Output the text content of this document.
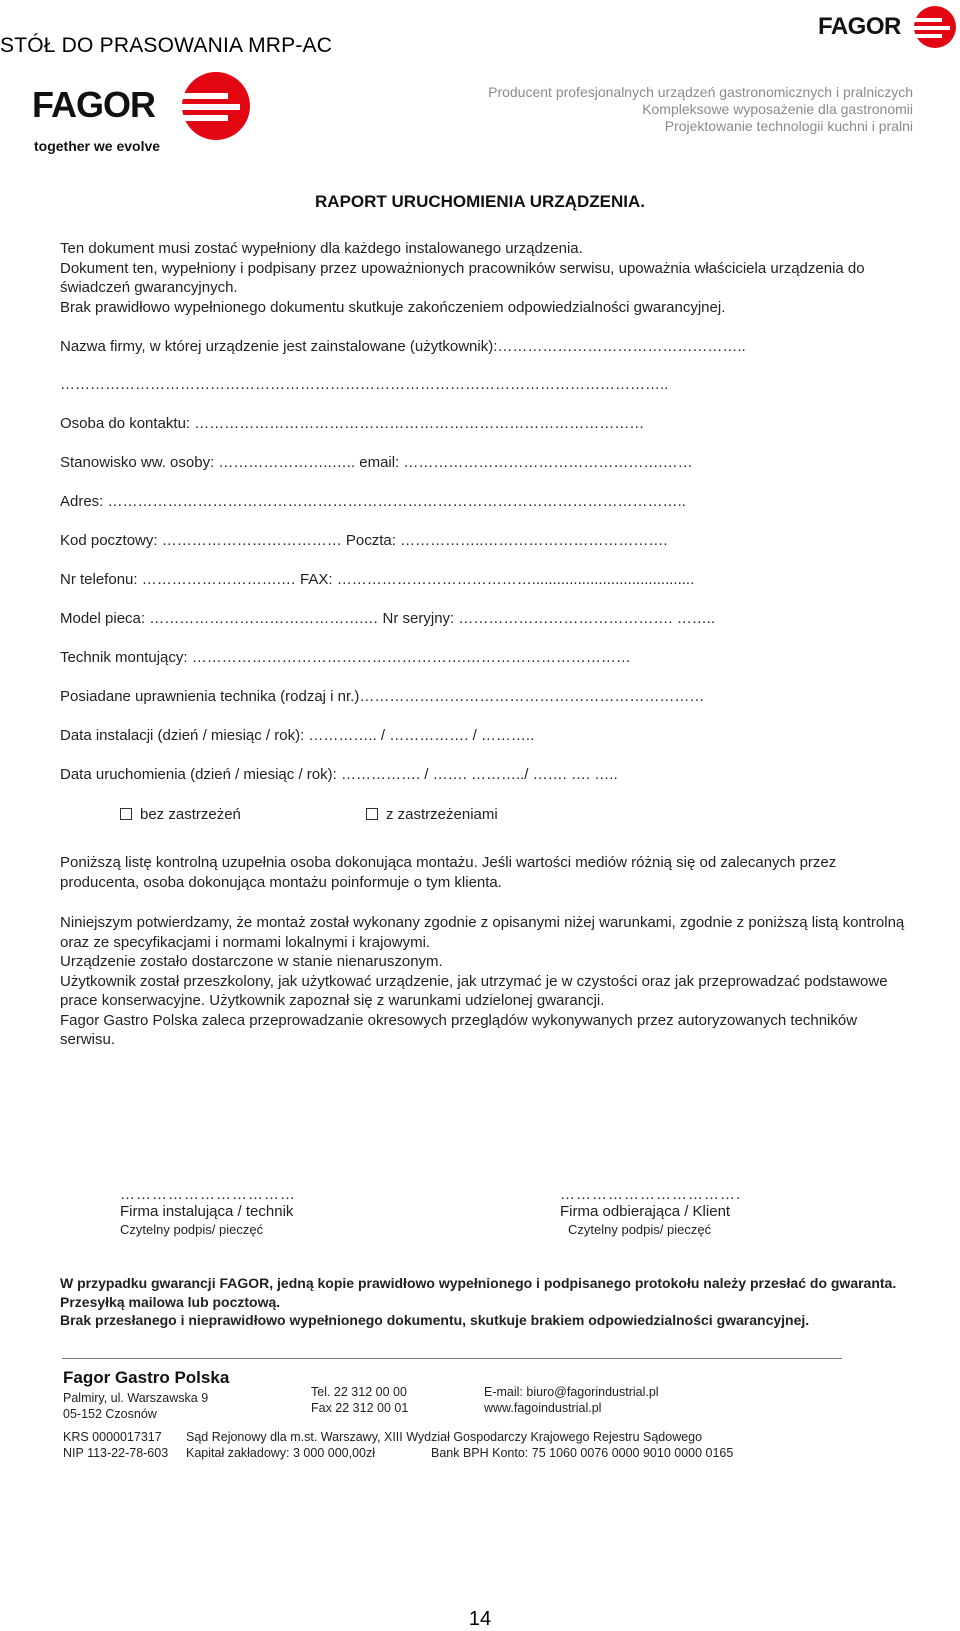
STÓŁ DO PRASOWANIA MRP-AC
FAGOR
FAGOR
together we evolve
Producent profesjonalnych urządzeń gastronomicznych i pralniczych
Kompleksowe wyposażenie dla gastronomii
Projektowanie technologii kuchni i pralni
RAPORT URUCHOMIENIA URZĄDZENIA.
Ten dokument musi zostać wypełniony dla każdego instalowanego urządzenia.
Dokument ten, wypełniony i podpisany przez upoważnionych pracowników serwisu, upoważnia właściciela urządzenia do świadczeń gwarancyjnych.
Brak prawidłowo wypełnionego dokumentu skutkuje zakończeniem odpowiedzialności gwarancyjnej.
Nazwa firmy, w której urządzenie jest zainstalowane (użytkownik):…………………………………………..
…………………………………………………………………………………………………………..
Osoba do kontaktu: ………………………………………………………………………………
Stanowisko ww. osoby: …………………..….. email: …………………………………………….……
Adres: ……………………………………………………………………………………………………..
Kod pocztowy: ……………………………… Poczta: ……………..……………………………….
Nr telefonu: ……………………….… FAX: ………………………………….......................................
Model pieca: …………………………………….… Nr seryjny: ……………………………………. ……..
Technik montujący: ……………………………………………….……………………………
Posiadane uprawnienia technika (rodzaj i nr.)……………………………………………………………
Data instalacji (dzień / miesiąc / rok): ………….. / ……………. / ………..
Data uruchomienia (dzień / miesiąc / rok): ……………. / ……. ………../ ……. …. …..
bez zastrzeżeń	z zastrzeżeniami
Poniższą listę kontrolną uzupełnia osoba dokonująca montażu. Jeśli wartości mediów różnią się od zalecanych przez producenta, osoba dokonująca montażu poinformuje o tym klienta.
Niniejszym potwierdzamy, że montaż został wykonany zgodnie z opisanymi niżej warunkami, zgodnie z poniższą listą kontrolną oraz ze specyfikacjami i normami lokalnymi i krajowymi.
Urządzenie zostało dostarczone w stanie nienaruszonym.
Użytkownik został przeszkolony, jak użytkować urządzenie, jak utrzymać je w czystości oraz jak przeprowadzać podstawowe prace konserwacyjne. Użytkownik zapoznał się z warunkami udzielonej gwarancji.
Fagor Gastro Polska zaleca przeprowadzanie okresowych przeglądów wykonywanych przez autoryzowanych techników serwisu.
……………………………
Firma instalująca / technik
Czytelny podpis/ pieczęć
…………………………….
Firma odbierająca / Klient
Czytelny podpis/ pieczęć
W przypadku gwarancji FAGOR, jedną kopie prawidłowo wypełnionego i podpisanego protokołu należy przesłać do gwaranta. Przesyłką mailowa lub pocztową.
Brak przesłanego i nieprawidłowo wypełnionego dokumentu, skutkuje brakiem odpowiedzialności gwarancyjnej.
Fagor Gastro Polska
Palmiry, ul. Warszawska 9
05-152 Czosnów
Tel. 22 312 00 00
Fax 22 312 00 01
E-mail: biuro@fagorindustrial.pl
www.fagoindustrial.pl
KRS 0000017317
NIP 113-22-78-603
Sąd Rejonowy dla m.st. Warszawy, XIII Wydział Gospodarczy Krajowego Rejestru Sądowego
Kapitał zakładowy: 3 000 000,00zł	Bank BPH Konto: 75 1060 0076 0000 9010 0000 0165
14
